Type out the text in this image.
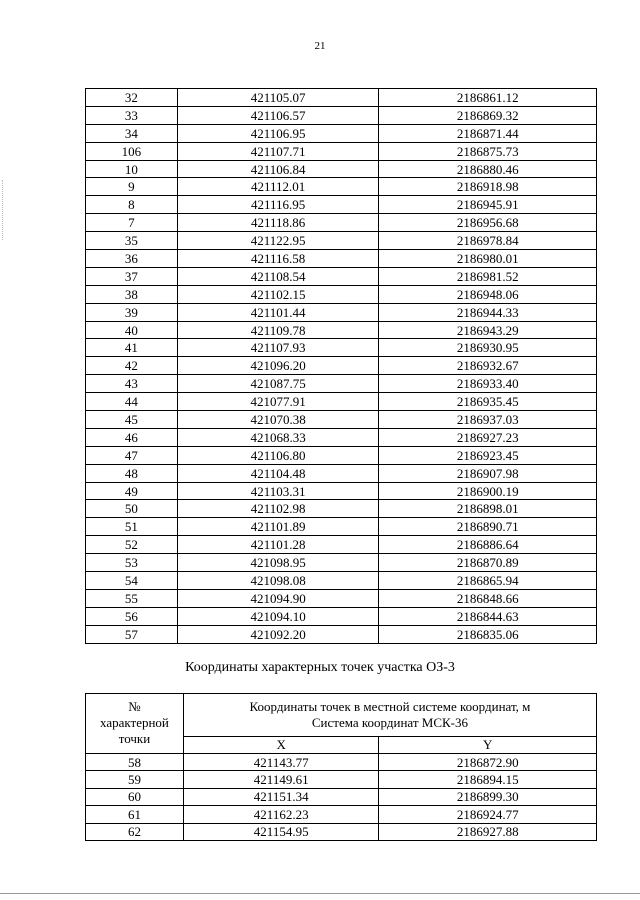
21
32	421105.07	2186861.12
33	421106.57	2186869.32
34	421106.95	2186871.44
106	421107.71	2186875.73
10	421106.84	2186880.46
9	421112.01	2186918.98
8	421116.95	2186945.91
7	421118.86	2186956.68
35	421122.95	2186978.84
36	421116.58	2186980.01
37	421108.54	2186981.52
38	421102.15	2186948.06
39	421101.44	2186944.33
40	421109.78	2186943.29
41	421107.93	2186930.95
42	421096.20	2186932.67
43	421087.75	2186933.40
44	421077.91	2186935.45
45	421070.38	2186937.03
46	421068.33	2186927.23
47	421106.80	2186923.45
48	421104.48	2186907.98
49	421103.31	2186900.19
50	421102.98	2186898.01
51	421101.89	2186890.71
52	421101.28	2186886.64
53	421098.95	2186870.89
54	421098.08	2186865.94
55	421094.90	2186848.66
56	421094.10	2186844.63
57	421092.20	2186835.06
Координаты характерных точек участка ОЗ-3
№
характерной
точки	Координаты точек в местной системе координат, м
Система координат МСК-36	
	X	Y
58	421143.77	2186872.90
59	421149.61	2186894.15
60	421151.34	2186899.30
61	421162.23	2186924.77
62	421154.95	2186927.88
